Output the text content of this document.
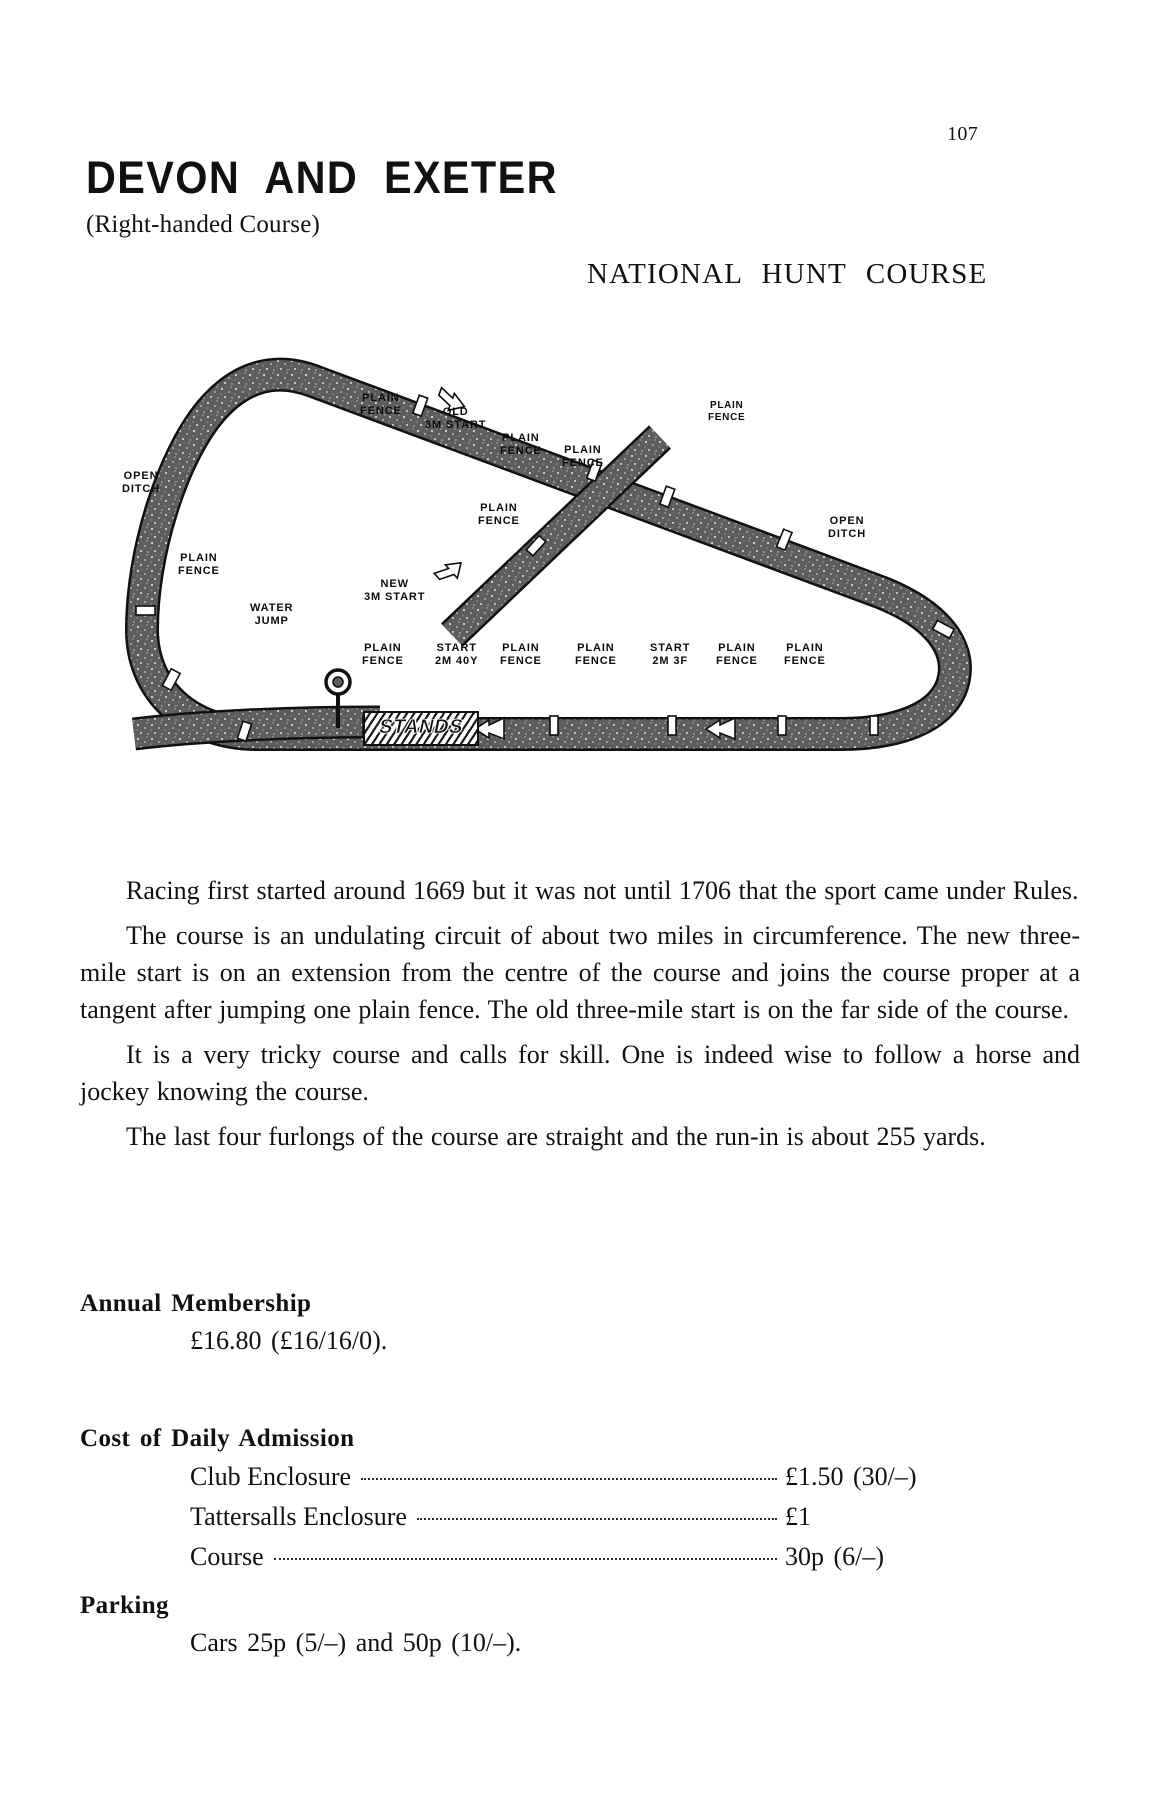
107
DEVON AND EXETER
(Right-handed Course)
NATIONAL HUNT COURSE
OPEN
DITCH
PLAIN
FENCE
WATER
JUMP
PLAIN
FENCE	OLD
3M START
PLAIN
FENCE PLAIN
FENCE
PLAIN
FENCE
PLAIN
FENCE	OPEN
DITCH
NEW
3M START
PLAIN
FENCE
START
2M 40Y
PLAIN
FENCE
PLAIN
FENCE
START
2M 3F
PLAIN
FENCE
PLAIN
FENCE
STANDS

Racing first started around 1669 but it was not until 1706 that the sport came under Rules.

The course is an undulating circuit of about two miles in circumference. The new three-mile start is on an extension from the centre of the course and joins the course proper at a tangent after jumping one plain fence. The old three-mile start is on the far side of the course.

It is a very tricky course and calls for skill. One is indeed wise to follow a horse and jockey knowing the course.

The last four furlongs of the course are straight and the run-in is about 255 yards.

Annual Membership
£16.80 (£16/16/0).
Cost of Daily Admission
Club Enclosure	£1.50 (30/–)
Tattersalls Enclosure	£1
Course	30p (6/–)
Parking
Cars 25p (5/–) and 50p (10/–).
